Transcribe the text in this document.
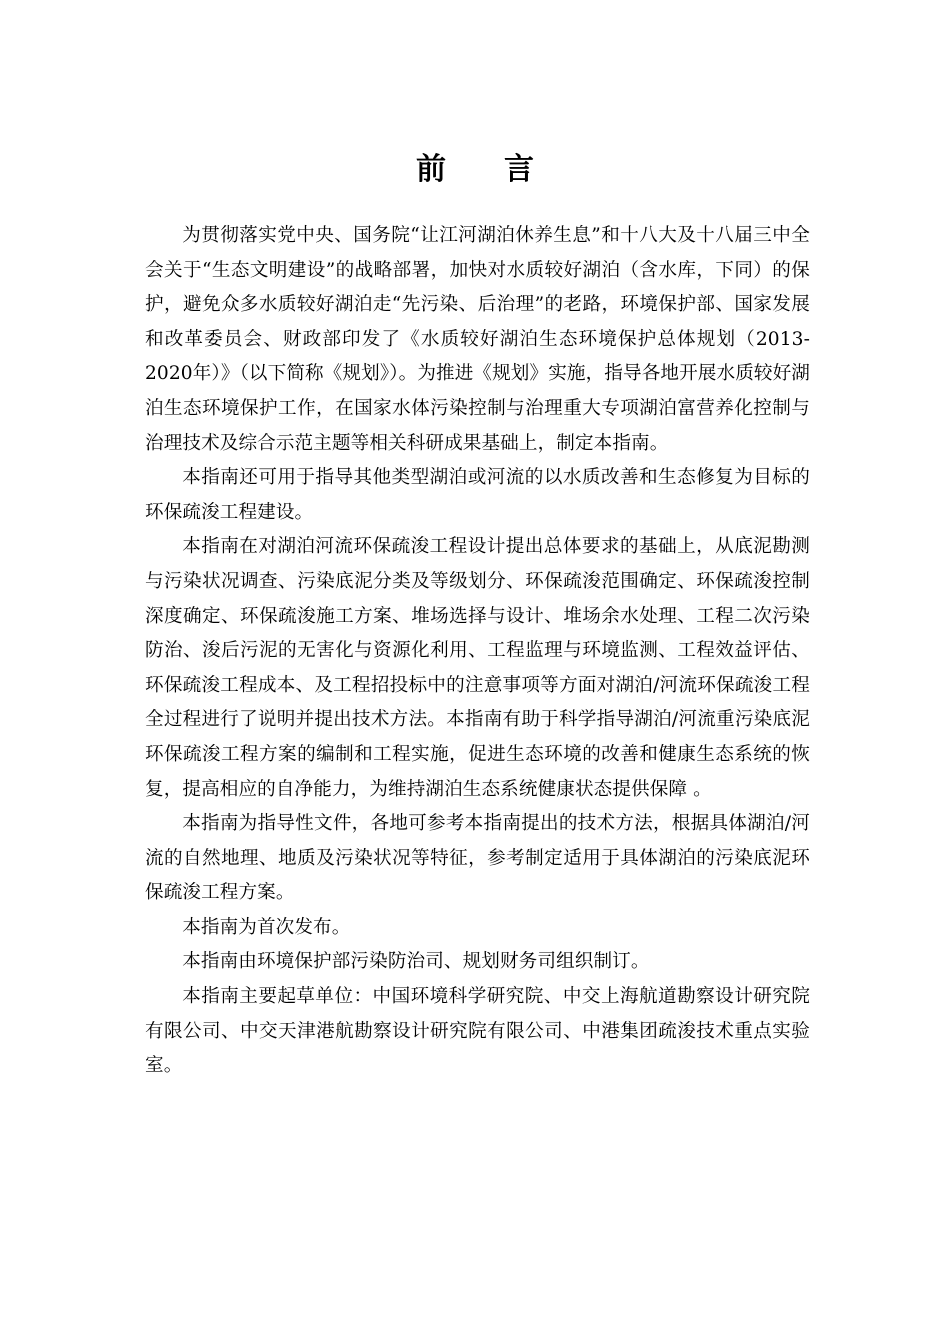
前 言

为贯彻落实党中央、国务院“让江河湖泊休养生息”和十八大及十八届三中全会关于“生态文明建设”的战略部署，加快对水质较好湖泊（含水库，下同）的保护，避免众多水质较好湖泊走“先污染、后治理”的老路，环境保护部、国家发展和改革委员会、财政部印发了《水质较好湖泊生态环境保护总体规划（2013-2020年）》（以下简称《规划》）。为推进《规划》实施，指导各地开展水质较好湖泊生态环境保护工作，在国家水体污染控制与治理重大专项湖泊富营养化控制与治理技术及综合示范主题等相关科研成果基础上，制定本指南。

本指南还可用于指导其他类型湖泊或河流的以水质改善和生态修复为目标的环保疏浚工程建设。

本指南在对湖泊河流环保疏浚工程设计提出总体要求的基础上，从底泥勘测与污染状况调查、污染底泥分类及等级划分、环保疏浚范围确定、环保疏浚控制深度确定、环保疏浚施工方案、堆场选择与设计、堆场余水处理、工程二次污染防治、浚后污泥的无害化与资源化利用、工程监理与环境监测、工程效益评估、环保疏浚工程成本、及工程招投标中的注意事项等方面对湖泊/河流环保疏浚工程全过程进行了说明并提出技术方法。本指南有助于科学指导湖泊/河流重污染底泥环保疏浚工程方案的编制和工程实施，促进生态环境的改善和健康生态系统的恢复，提高相应的自净能力，为维持湖泊生态系统健康状态提供保障 。

本指南为指导性文件，各地可参考本指南提出的技术方法，根据具体湖泊/河流的自然地理、地质及污染状况等特征，参考制定适用于具体湖泊的污染底泥环保疏浚工程方案。

本指南为首次发布。

本指南由环境保护部污染防治司、规划财务司组织制订。

本指南主要起草单位：中国环境科学研究院、中交上海航道勘察设计研究院有限公司、中交天津港航勘察设计研究院有限公司、中港集团疏浚技术重点实验室。
